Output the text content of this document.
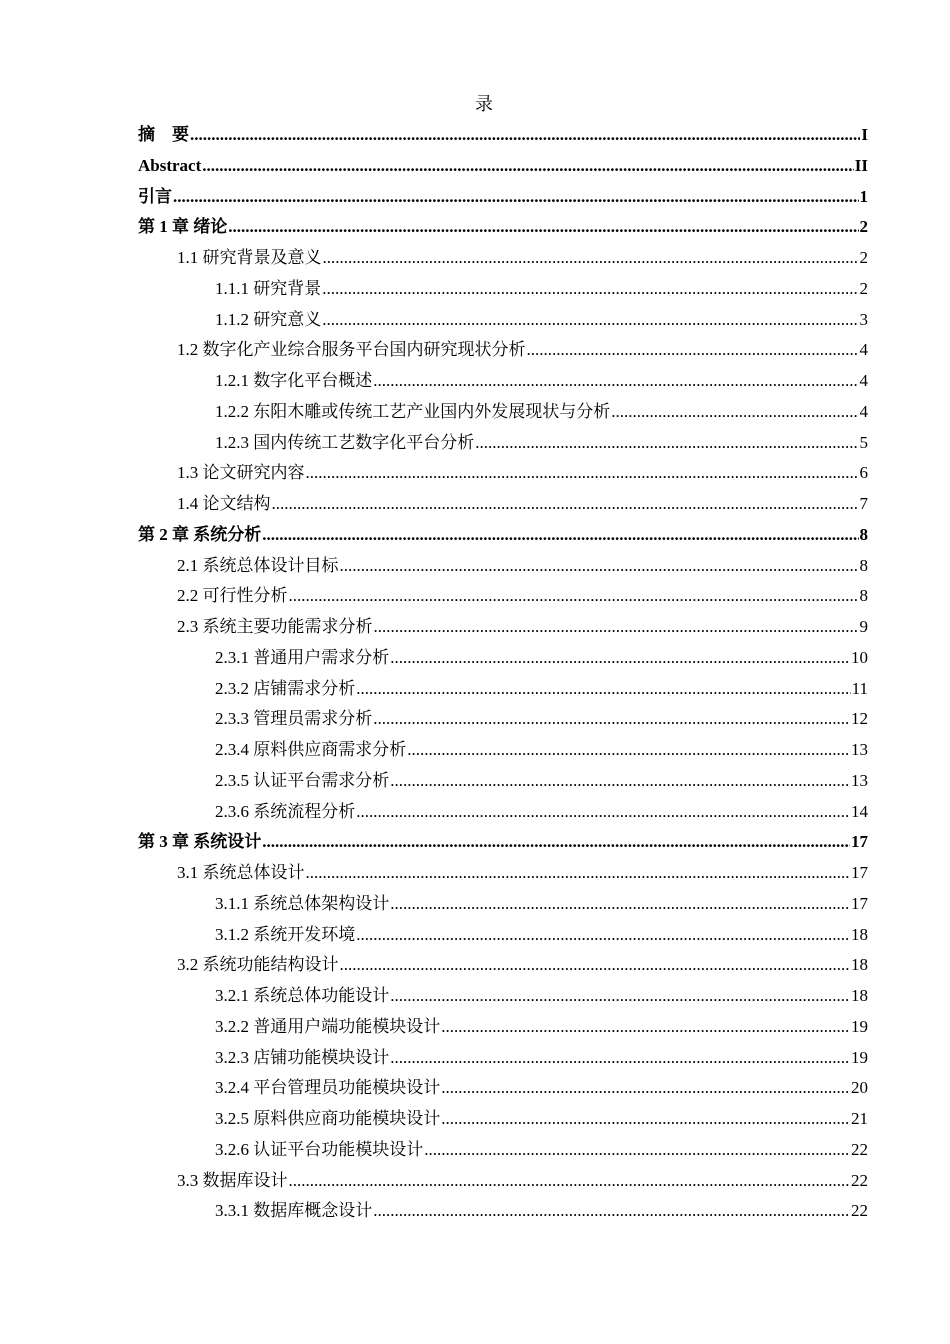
录
摘　要 .....	I
Abstract .....	II
引言 .....	1
第 1 章 绪论 .....	2
1.1 研究背景及意义 .....	2
1.1.1 研究背景 .....	2
1.1.2 研究意义 .....	3
1.2 数字化产业综合服务平台国内研究现状分析 .....	4
1.2.1 数字化平台概述 .....	4
1.2.2 东阳木雕或传统工艺产业国内外发展现状与分析 .....	4
1.2.3 国内传统工艺数字化平台分析 .....	5
1.3 论文研究内容 .....	6
1.4 论文结构 .....	7
第 2 章 系统分析 .....	8
2.1 系统总体设计目标 .....	8
2.2 可行性分析 .....	8
2.3 系统主要功能需求分析 .....	9
2.3.1 普通用户需求分析 .....	10
2.3.2 店铺需求分析 .....	11
2.3.3 管理员需求分析 .....	12
2.3.4 原料供应商需求分析 .....	13
2.3.5 认证平台需求分析 .....	13
2.3.6 系统流程分析 .....	14
第 3 章 系统设计 .....	17
3.1 系统总体设计 .....	17
3.1.1 系统总体架构设计 .....	17
3.1.2 系统开发环境 .....	18
3.2 系统功能结构设计 .....	18
3.2.1 系统总体功能设计 .....	18
3.2.2 普通用户端功能模块设计 .....	19
3.2.3 店铺功能模块设计 .....	19
3.2.4 平台管理员功能模块设计 .....	20
3.2.5 原料供应商功能模块设计 .....	21
3.2.6 认证平台功能模块设计 .....	22
3.3 数据库设计 .....	22
3.3.1 数据库概念设计 .....	22
